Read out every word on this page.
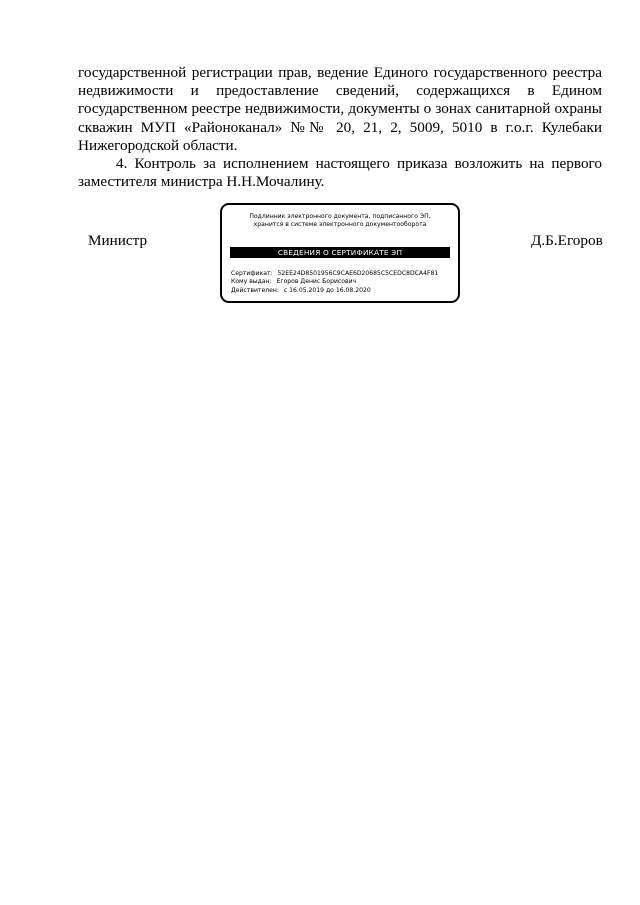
государственной регистрации прав, ведение Единого государственного реестра недвижимости и предоставление сведений, содержащихся в Едином государственном реестре недвижимости, документы о зонах санитарной охраны скважин МУП «Районоканал» №№ 20, 21, 2, 5009, 5010 в г.о.г. Кулебаки Нижегородской области.

4. Контроль за исполнением настоящего приказа возложить на первого заместителя министра Н.Н.Мочалину.

Министр
Подлинник электронного документа, подписанного ЭП,
хранится в системе электронного документооборота
СВЕДЕНИЯ О СЕРТИФИКАТЕ ЭП
Сертификат: 52EE24D8501956C9CAE6D20685C5CEDC8DCA4F81
Кому выдан: Егоров Денис Борисович
Действителен: с 16.05.2019 до 16.08.2020
Д.Б.Егоров
